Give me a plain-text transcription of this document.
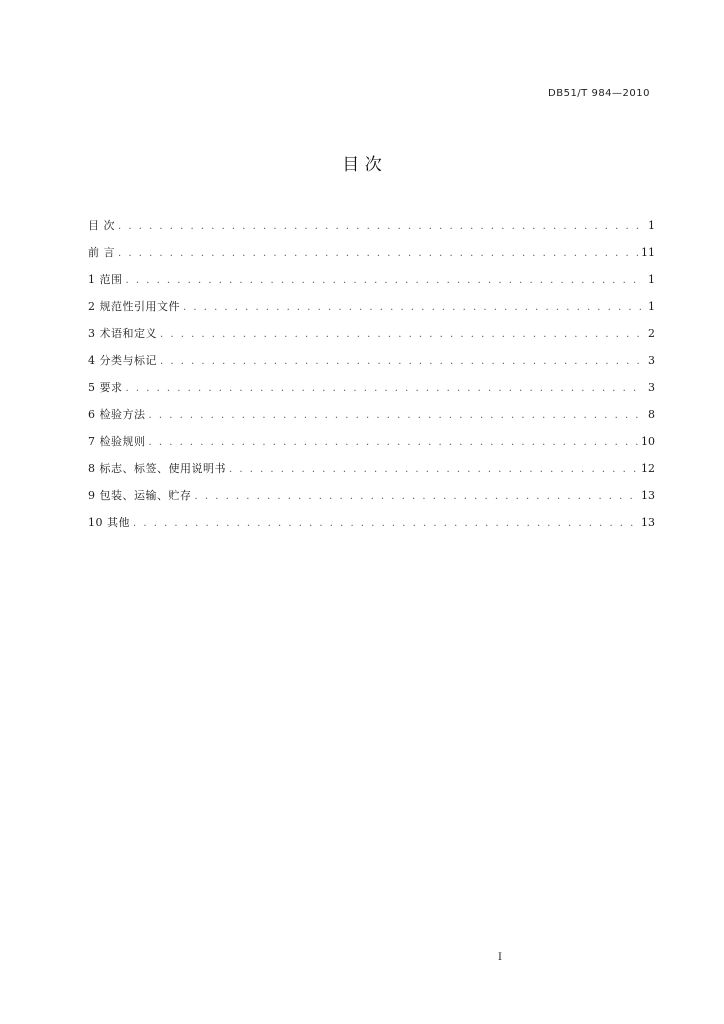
DB51/T 984—2010
目 次
目 次 . . .	1
前 言 . . .	11
1 范围 . . .	1
2 规范性引用文件 . . .	1
3 术语和定义 . . .	2
4 分类与标记 . . .	3
5 要求 . . .	3
6 检验方法 . . .	8
7 检验规则 . . .	10
8 标志、标签、使用说明书 . . .	12
9 包装、运输、贮存 . . .	13
10 其他 . . .	13
I
